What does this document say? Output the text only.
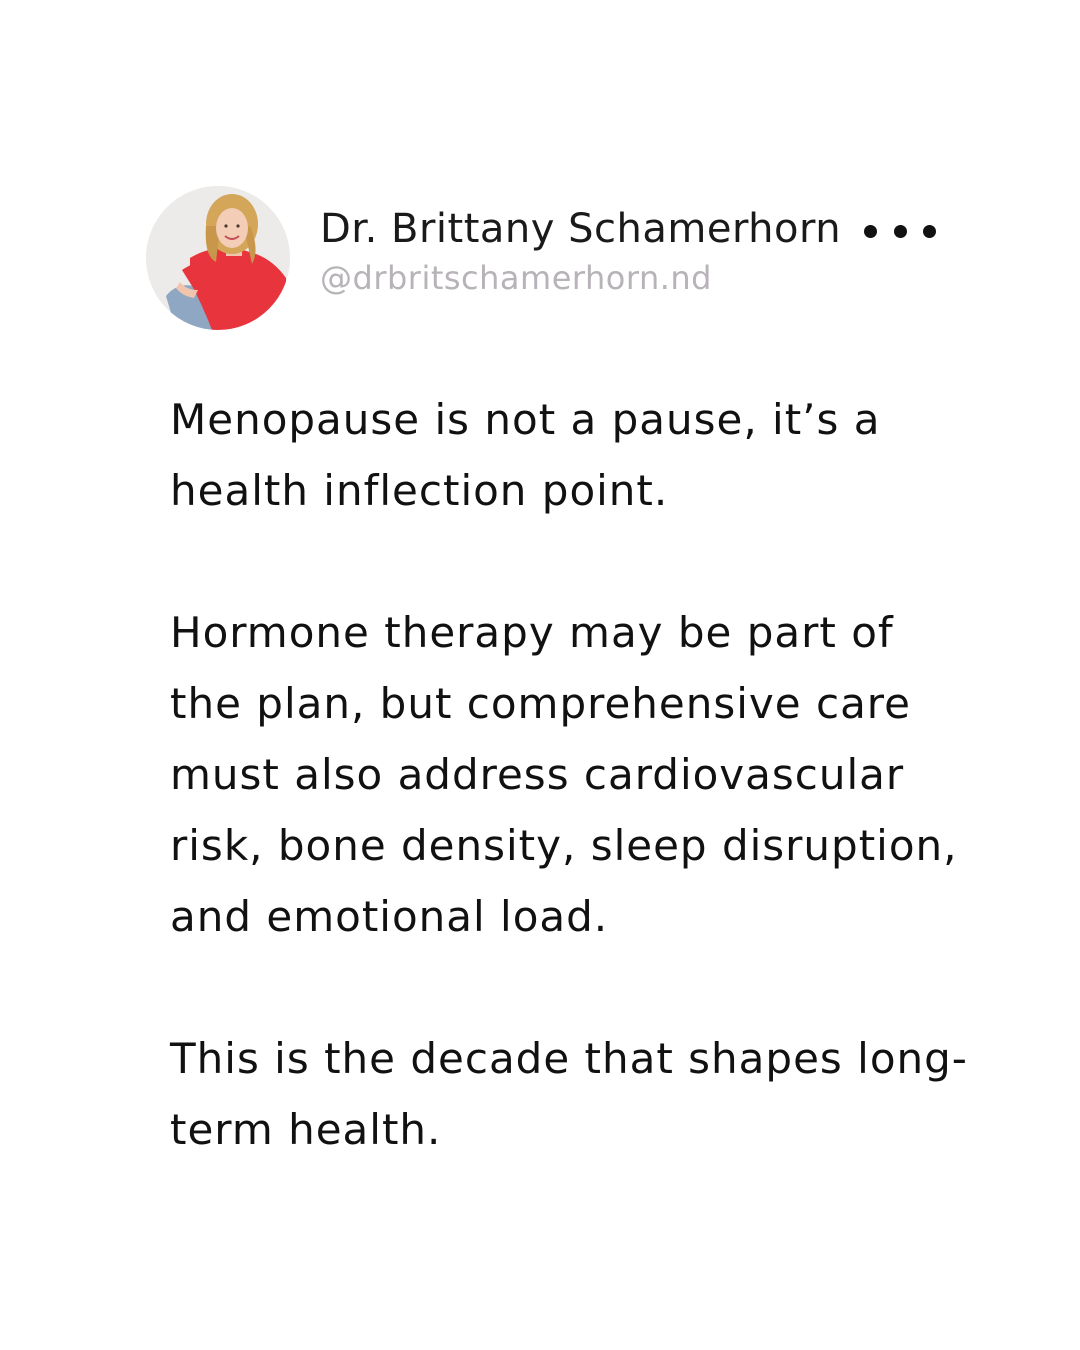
Dr. Brittany Schamerhorn
@drbritschamerhorn.nd

Menopause is not a pause, it’s a health inflection point.

Hormone therapy may be part of the plan, but comprehensive care must also address cardiovascular risk, bone density, sleep disruption, and emotional load.

This is the decade that shapes long-term health.
